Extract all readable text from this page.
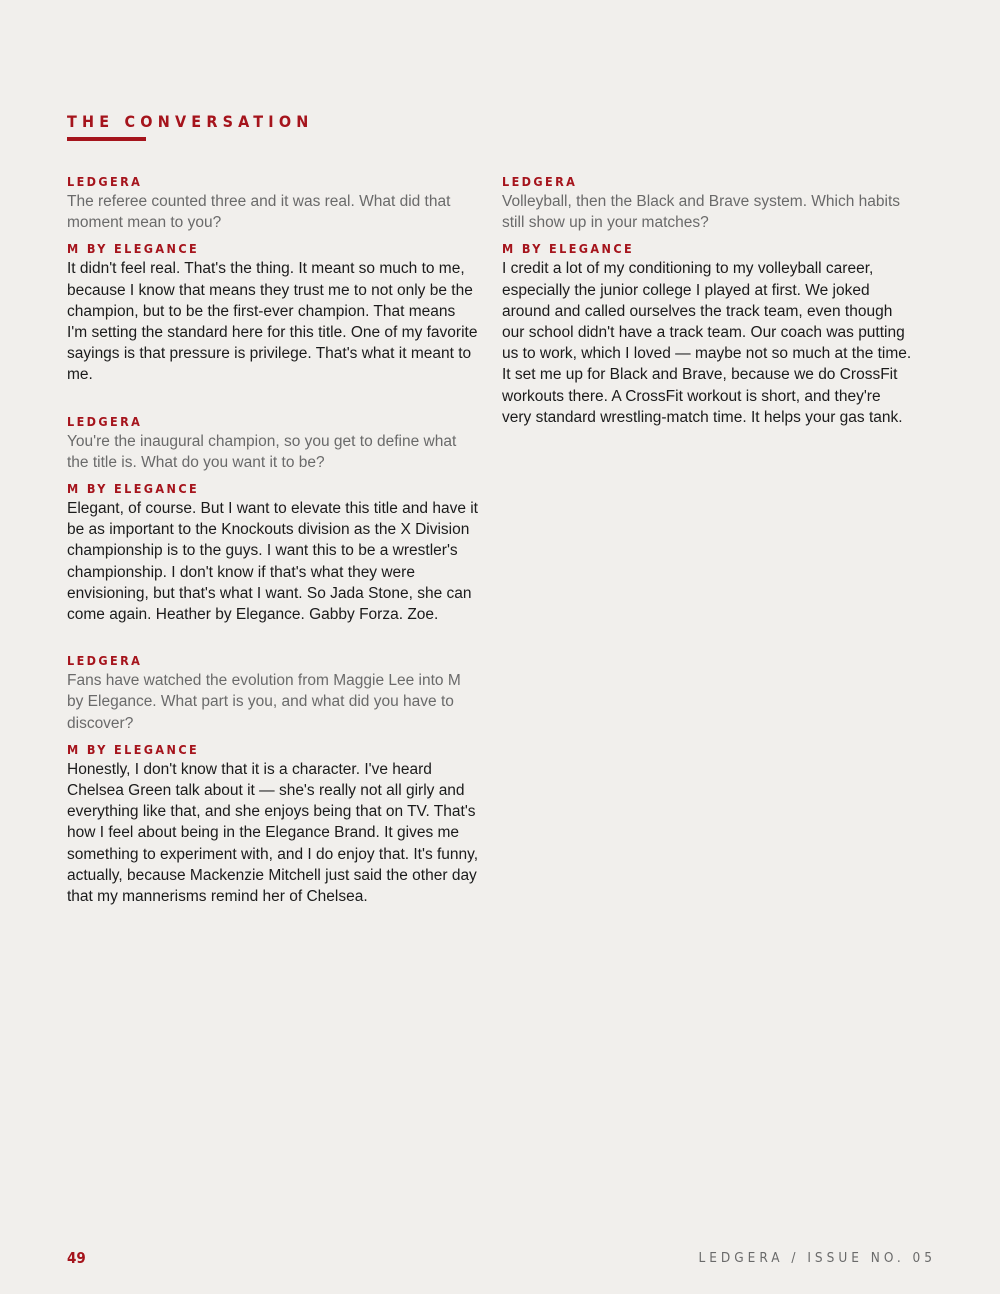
THE CONVERSATION
LEDGERA

The referee counted three and it was real. What did that moment mean to you?

M BY ELEGANCE

It didn't feel real. That's the thing. It meant so much to me, because I know that means they trust me to not only be the champion, but to be the first-ever champion. That means I'm setting the standard here for this title. One of my favorite sayings is that pressure is privilege. That's what it meant to me.

LEDGERA

You're the inaugural champion, so you get to define what the title is. What do you want it to be?

M BY ELEGANCE

Elegant, of course. But I want to elevate this title and have it be as important to the Knockouts division as the X Division championship is to the guys. I want this to be a wrestler's championship. I don't know if that's what they were envisioning, but that's what I want. So Jada Stone, she can come again. Heather by Elegance. Gabby Forza. Zoe.

LEDGERA

Fans have watched the evolution from Maggie Lee into M by Elegance. What part is you, and what did you have to discover?

M BY ELEGANCE

Honestly, I don't know that it is a character. I've heard Chelsea Green talk about it — she's really not all girly and everything like that, and she enjoys being that on TV. That's how I feel about being in the Elegance Brand. It gives me something to experiment with, and I do enjoy that. It's funny, actually, because Mackenzie Mitchell just said the other day that my mannerisms remind her of Chelsea.

LEDGERA

Volleyball, then the Black and Brave system. Which habits still show up in your matches?

M BY ELEGANCE

I credit a lot of my conditioning to my volleyball career, especially the junior college I played at first. We joked around and called ourselves the track team, even though our school didn't have a track team. Our coach was putting us to work, which I loved — maybe not so much at the time. It set me up for Black and Brave, because we do CrossFit workouts there. A CrossFit workout is short, and they're very standard wrestling-match time. It helps your gas tank.

49	LEDGERA / ISSUE NO. 05
